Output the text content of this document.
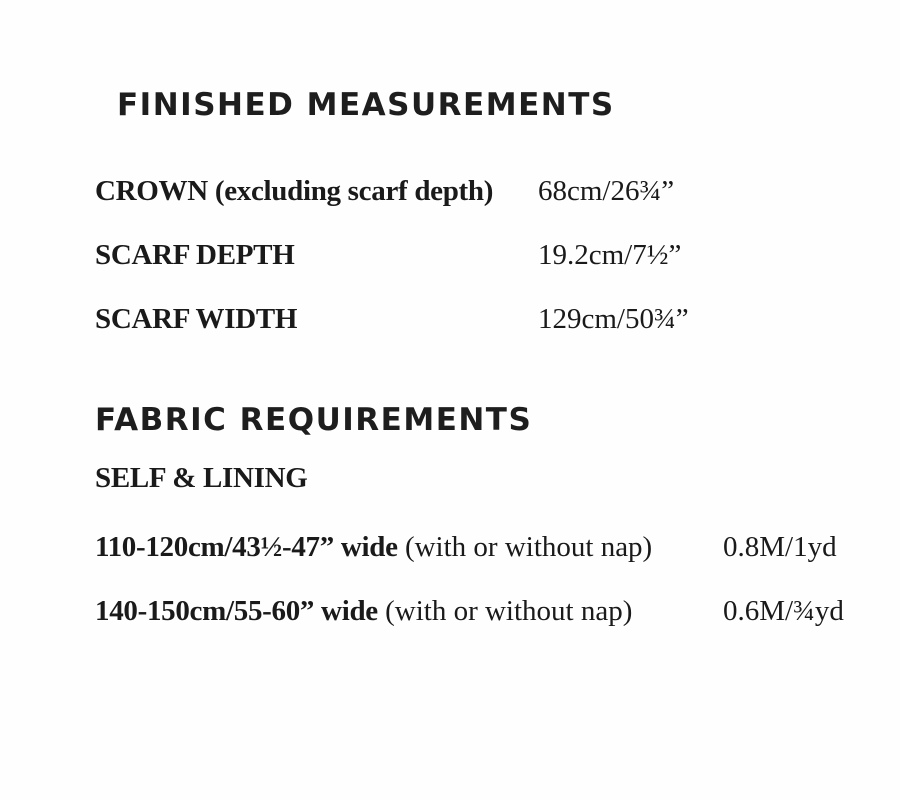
FINISHED MEASUREMENTS
CROWN (excluding scarf depth) 68cm/26¾”
SCARF DEPTH	19.2cm/7½”
SCARF WIDTH	129cm/50¾”
FABRIC REQUIREMENTS
SELF & LINING
110-120cm/43½-47” wide (with or without nap) 0.8M/1yd
140-150cm/55-60” wide (with or without nap)	0.6M/¾yd
